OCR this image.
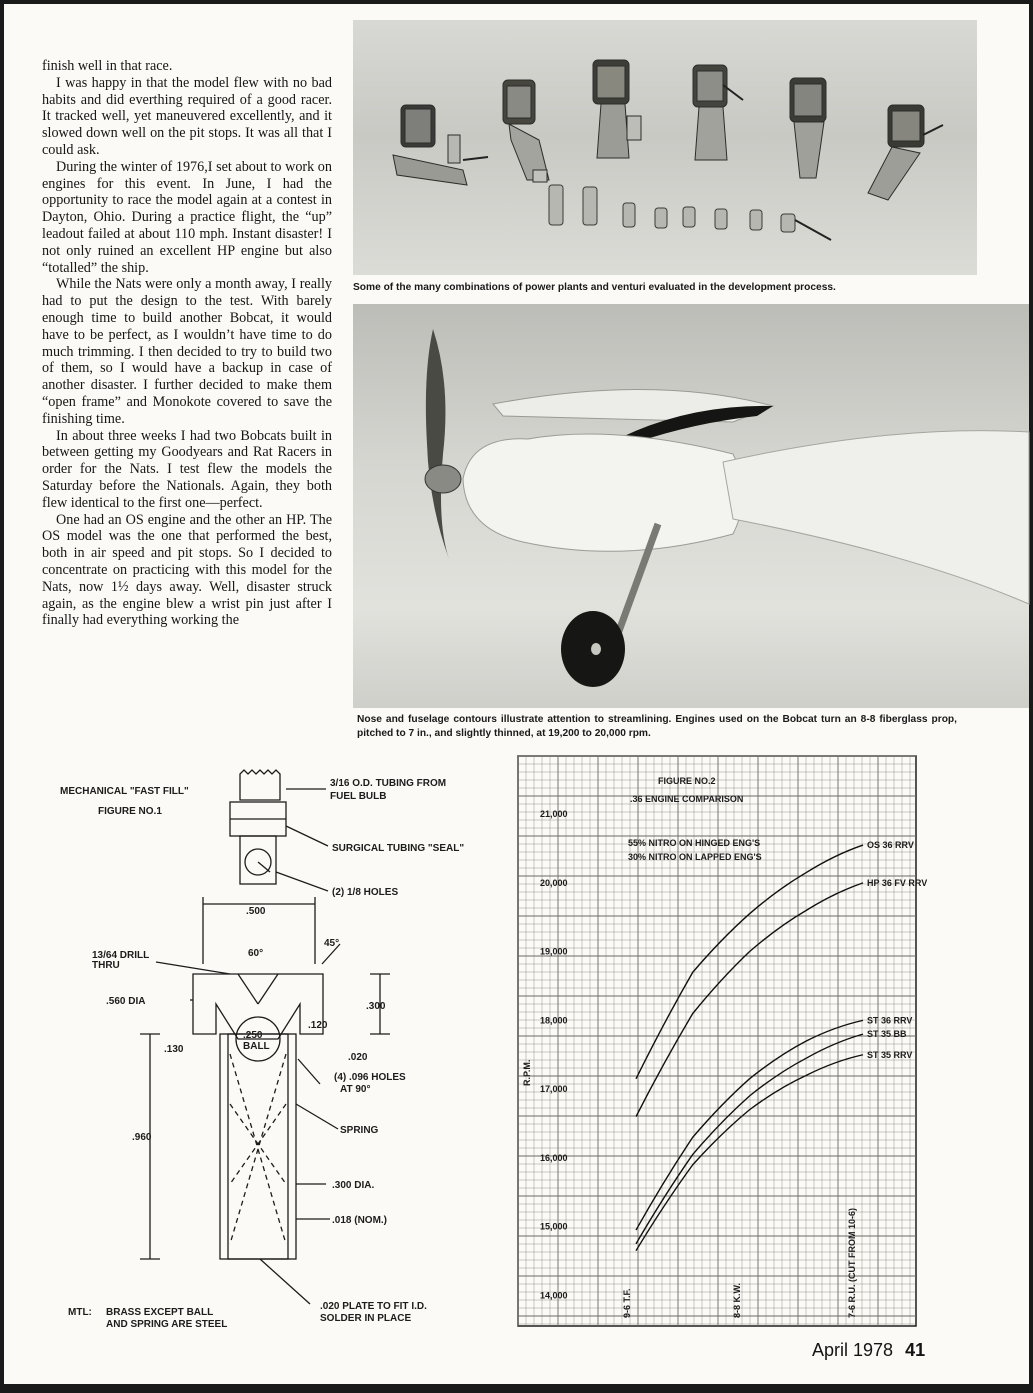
finish well in that race.

I was happy in that the model flew with no bad habits and did everthing required of a good racer. It tracked well, yet maneuvered excellently, and it slowed down well on the pit stops. It was all that I could ask.

During the winter of 1976,I set about to work on engines for this event. In June, I had the opportunity to race the model again at a contest in Dayton, Ohio. During a practice flight, the “up” leadout failed at about 110 mph. Instant disaster! I not only ruined an excellent HP engine but also “totalled” the ship.

While the Nats were only a month away, I really had to put the design to the test. With barely enough time to build another Bobcat, it would have to be perfect, as I wouldn’t have time to do much trimming. I then decided to try to build two of them, so I would have a backup in case of another disaster. I further decided to make them “open frame” and Monokote covered to save the finishing time.

In about three weeks I had two Bobcats built in between getting my Goodyears and Rat Racers in order for the Nats. I test flew the models the Saturday before the Nationals. Again, they both flew identical to the first one—perfect.

One had an OS engine and the other an HP. The OS model was the one that performed the best, both in air speed and pit stops. So I decided to concentrate on practicing with this model for the Nats, now 1½ days away. Well, disaster struck again, as the engine blew a wrist pin just after I finally had everything working the

Some of the many combinations of power plants and venturi evaluated in the development process.
Nose and fuselage contours illustrate attention to streamlining. Engines used on the Bobcat turn an 8-8 fiberglass prop, pitched to 7 in., and slightly thinned, at 19,200 to 20,000 rpm.
MECHANICAL "FAST FILL"
FIGURE NO.1
3/16 O.D. TUBING FROM
FUEL BULB
SURGICAL TUBING "SEAL"
(2) 1/8 HOLES
.500
13/64 DRILL
THRU
60°
45°
.560 DIA	.300
.120
.250
BALL
.130
.020
(4) .096 HOLES
AT 90°
SPRING
.960
.300 DIA.
.018 (NOM.)
MTL: BRASS EXCEPT BALL
AND SPRING ARE STEEL
.020 PLATE TO FIT I.D.
SOLDER IN PLACE
21,000
20,000
19,000
18,000
17,000
16,000
15,000
14,000	9-6 T.F.	8-8 K.W.	7-6 R.U. (CUT FROM 10-6)
OS 36 RRV
HP 36 FV RRV
ST 36 RRV
ST 35 BB
ST 35 RRV
FIGURE NO.2
.36 ENGINE COMPARISON
55% NITRO ON HINGED ENG'S
30% NITRO ON LAPPED ENG'S
R.P.M.
April 1978 41
